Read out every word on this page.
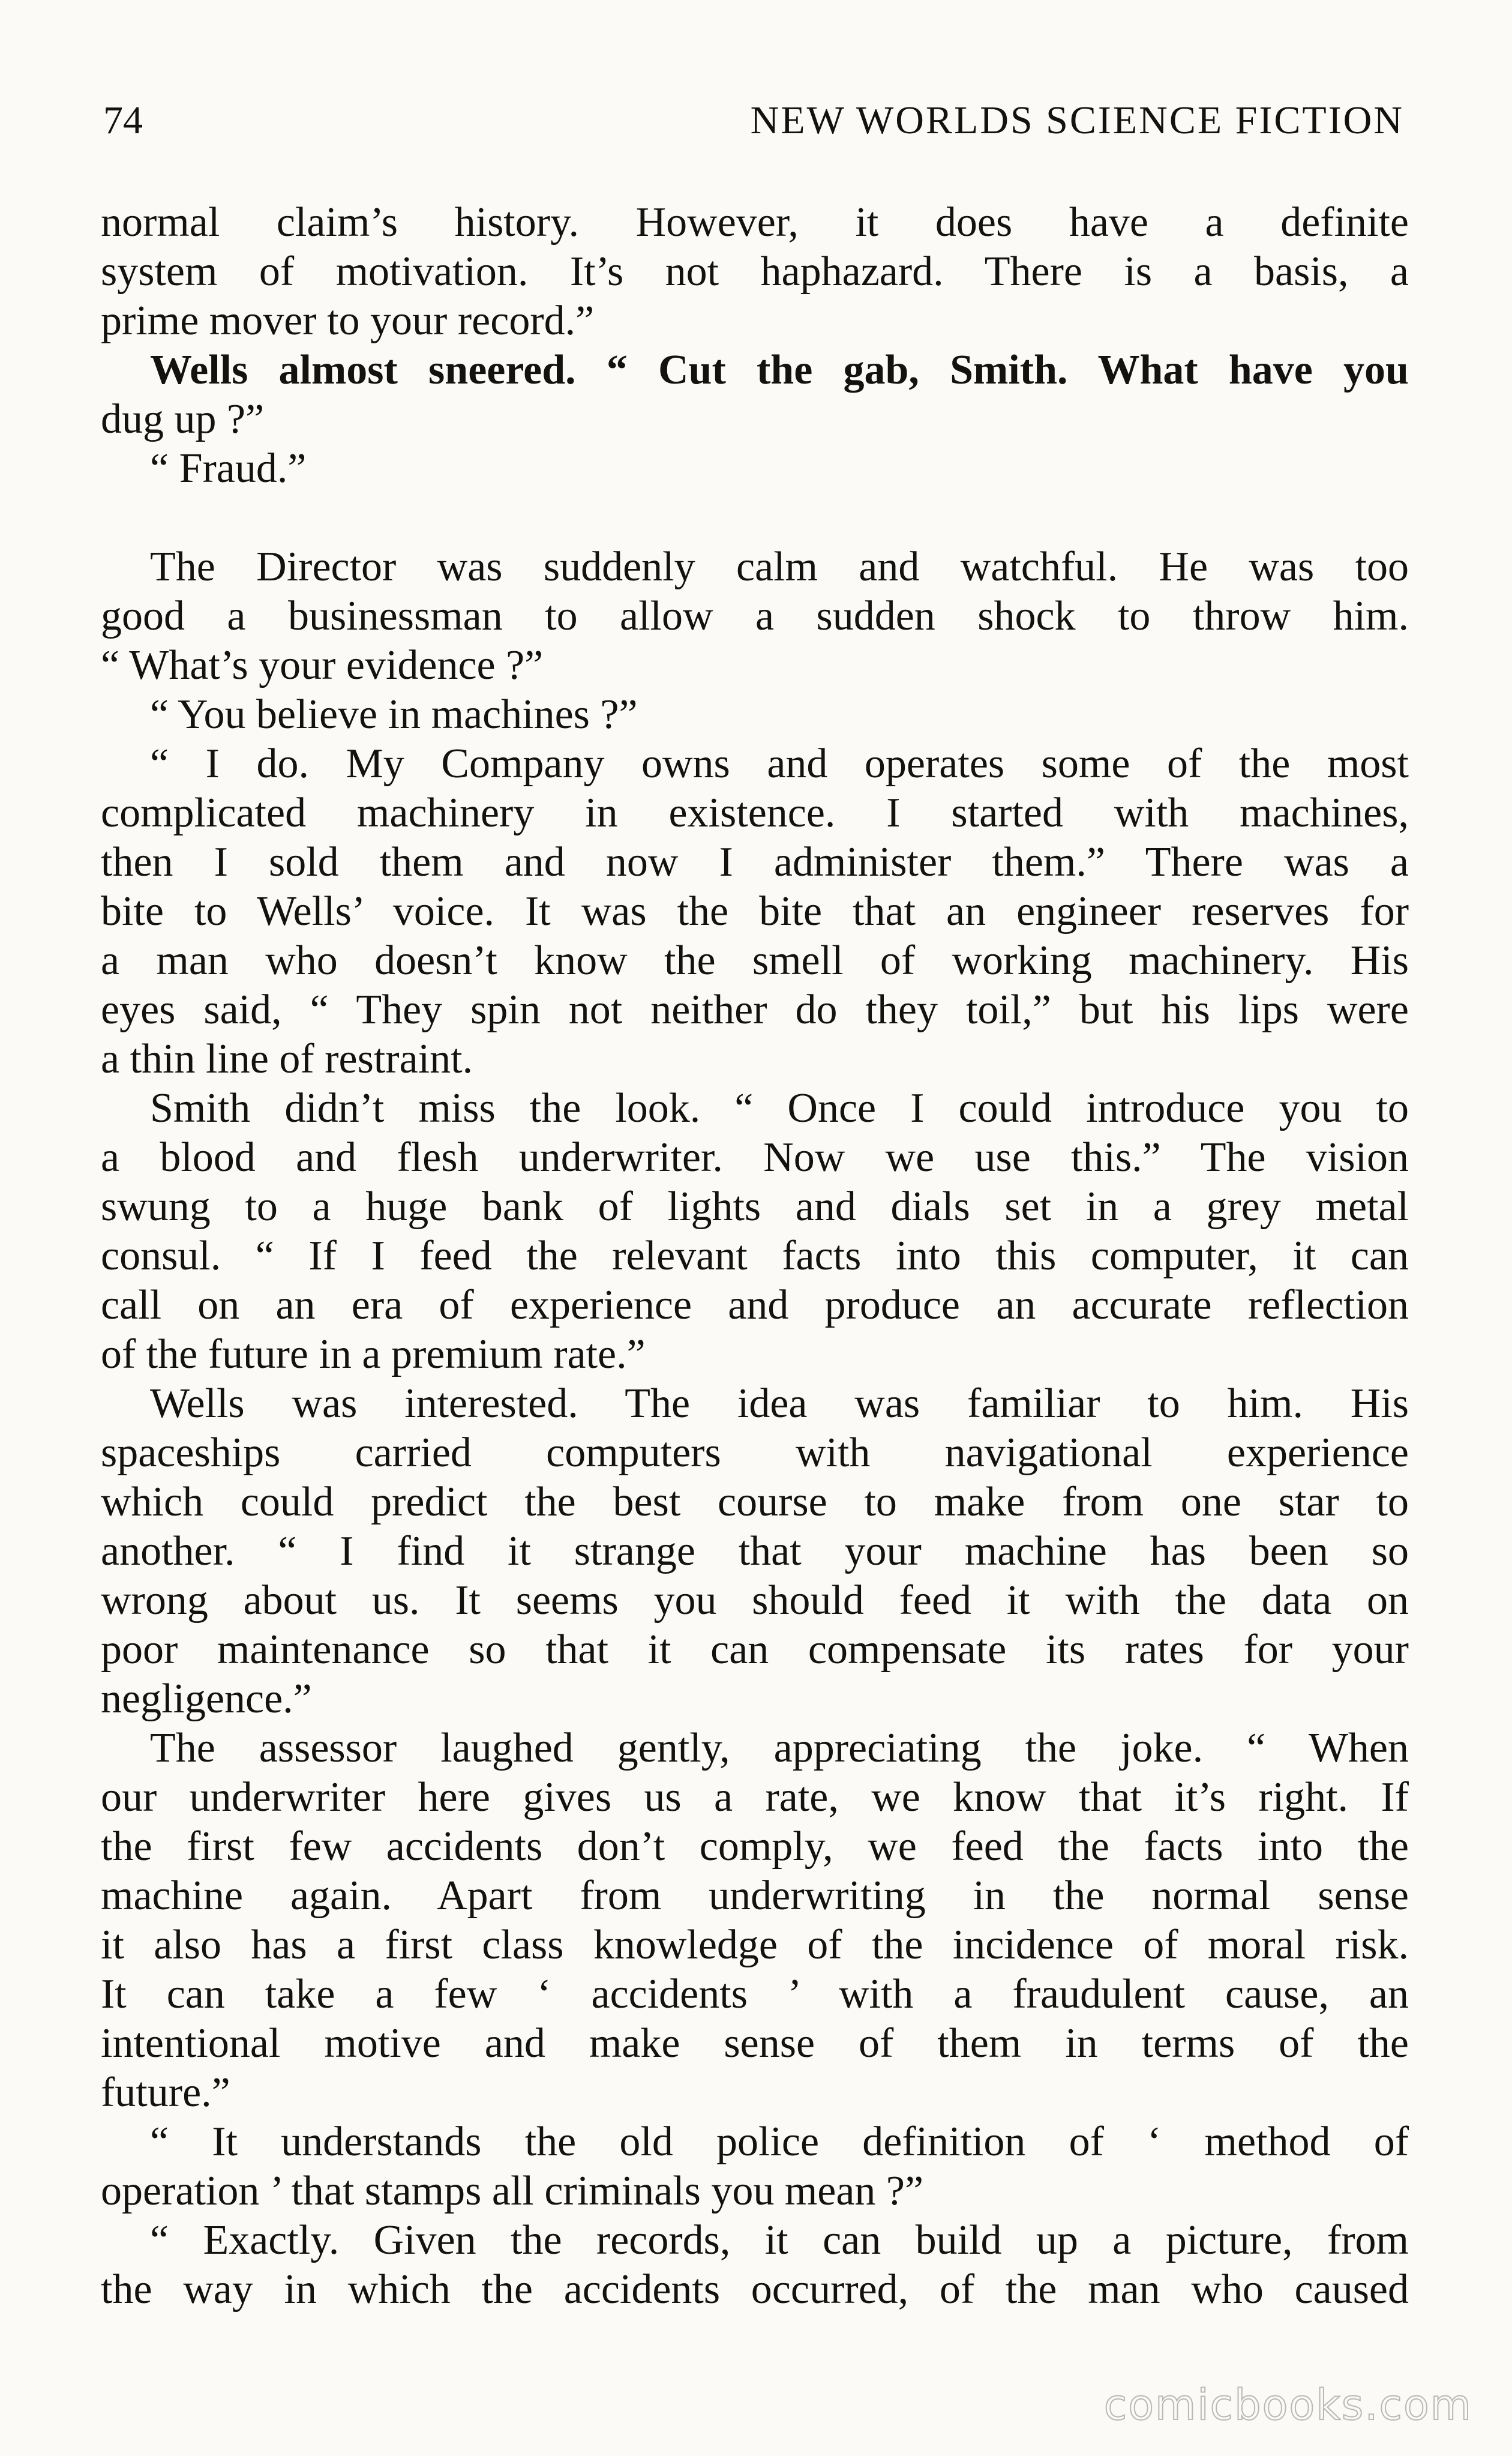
74	NEW WORLDS SCIENCE FICTION
normal claim’s history. However, it does have a definite
system of motivation. It’s not haphazard. There is a basis, a
prime mover to your record.”
Wells almost sneered. “ Cut the gab, Smith. What have you
dug up ?”
“ Fraud.”
The Director was suddenly calm and watchful. He was too
good a businessman to allow a sudden shock to throw him.
“ What’s your evidence ?”
“ You believe in machines ?”
“ I do. My Company owns and operates some of the most
complicated machinery in existence. I started with machines,
then I sold them and now I administer them.” There was a
bite to Wells’ voice. It was the bite that an engineer reserves for
a man who doesn’t know the smell of working machinery. His
eyes said, “ They spin not neither do they toil,” but his lips were
a thin line of restraint.
Smith didn’t miss the look. “ Once I could introduce you to
a blood and flesh underwriter. Now we use this.” The vision
swung to a huge bank of lights and dials set in a grey metal
consul. “ If I feed the relevant facts into this computer, it can
call on an era of experience and produce an accurate reflection
of the future in a premium rate.”
Wells was interested. The idea was familiar to him. His
spaceships carried computers with navigational experience
which could predict the best course to make from one star to
another. “ I find it strange that your machine has been so
wrong about us. It seems you should feed it with the data on
poor maintenance so that it can compensate its rates for your
negligence.”
The assessor laughed gently, appreciating the joke. “ When
our underwriter here gives us a rate, we know that it’s right. If
the first few accidents don’t comply, we feed the facts into the
machine again. Apart from underwriting in the normal sense
it also has a first class knowledge of the incidence of moral risk.
It can take a few ‘ accidents ’ with a fraudulent cause, an
intentional motive and make sense of them in terms of the
future.”
“ It understands the old police definition of ‘ method of
operation ’ that stamps all criminals you mean ?”
“ Exactly. Given the records, it can build up a picture, from
the way in which the accidents occurred, of the man who caused
comicbooks.com
